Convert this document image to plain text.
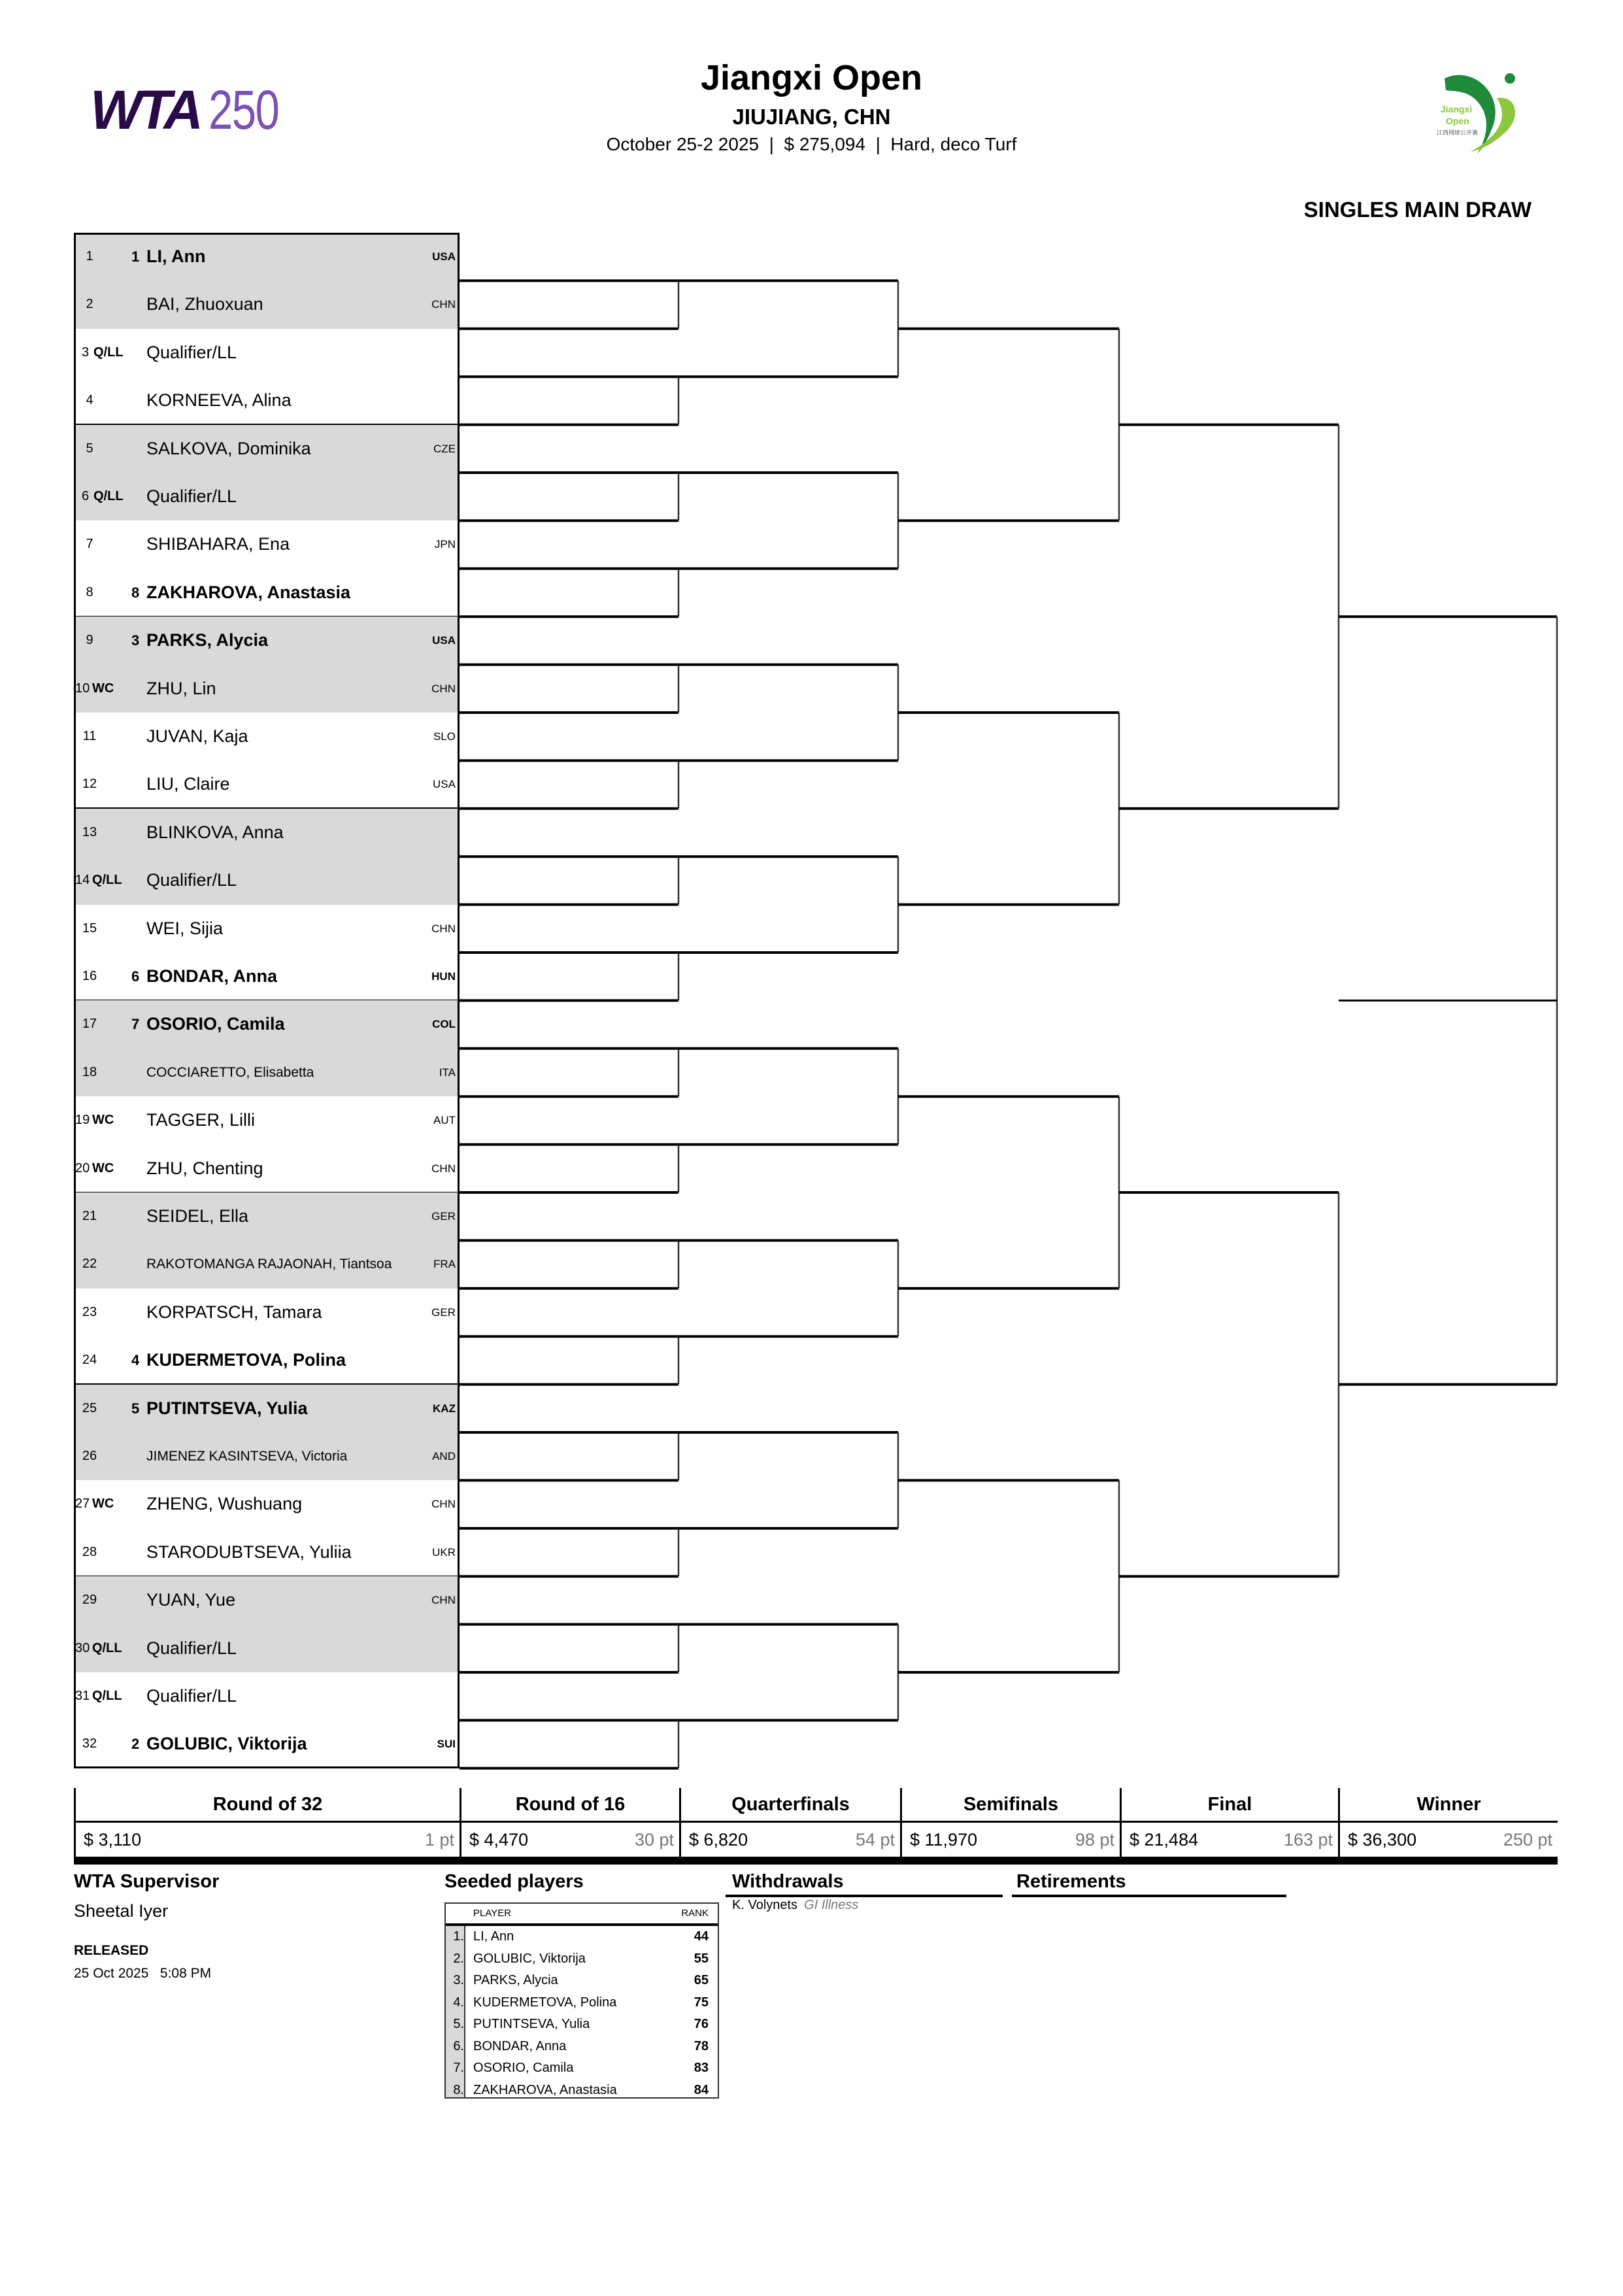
WTA 250
Jiangxi Open
JIUJIANG, CHN
October 25-2 2025  |  $ 275,094  |  Hard, deco Turf
Jiangxi
Open
江西网球公开赛
SINGLES MAIN DRAW
1	1 LI, Ann	USA
2	BAI, Zhuoxuan	CHN
3 Q/LL Qualifier/LL
4	KORNEEVA, Alina
5	SALKOVA, Dominika	CZE
6 Q/LL Qualifier/LL
7	SHIBAHARA, Ena	JPN
8	8 ZAKHAROVA, Anastasia
9	3 PARKS, Alycia	USA
10 WC ZHU, Lin	CHN
11	JUVAN, Kaja	SLO
12	LIU, Claire	USA
13	BLINKOVA, Anna
14 Q/LL Qualifier/LL
15	WEI, Sijia	CHN
16	6 BONDAR, Anna	HUN
17	7 OSORIO, Camila	COL
18	COCCIARETTO, Elisabetta	ITA
19 WC TAGGER, Lilli	AUT
20 WC ZHU, Chenting	CHN
21	SEIDEL, Ella	GER
22	RAKOTOMANGA RAJAONAH, Tiantsoa	FRA
23	KORPATSCH, Tamara	GER
24	4 KUDERMETOVA, Polina
25	5 PUTINTSEVA, Yulia	KAZ
26	JIMENEZ KASINTSEVA, Victoria	AND
27 WC ZHENG, Wushuang	CHN
28	STARODUBTSEVA, Yuliia	UKR
29	YUAN, Yue	CHN
30 Q/LL Qualifier/LL
31 Q/LL Qualifier/LL
32	2 GOLUBIC, Viktorija	SUI
Round of 32
$ 3,110	1 pt
Round of 16
$ 4,470	30 pt
Quarterfinals
$ 6,820	54 pt
Semifinals
$ 11,970	98 pt
Final
$ 21,484	163 pt
Winner
$ 36,300	250 pt
WTA Supervisor
Sheetal Iyer
RELEASED
25 Oct 2025   5:08 PM
Seeded players
PLAYER	RANK
1. LI, Ann	44
2. GOLUBIC, Viktorija	55
3. PARKS, Alycia	65
4. KUDERMETOVA, Polina	75
5. PUTINTSEVA, Yulia	76
6. BONDAR, Anna	78
7. OSORIO, Camila	83
8. ZAKHAROVA, Anastasia	84
Withdrawals
K. Volynets GI Illness
Retirements
